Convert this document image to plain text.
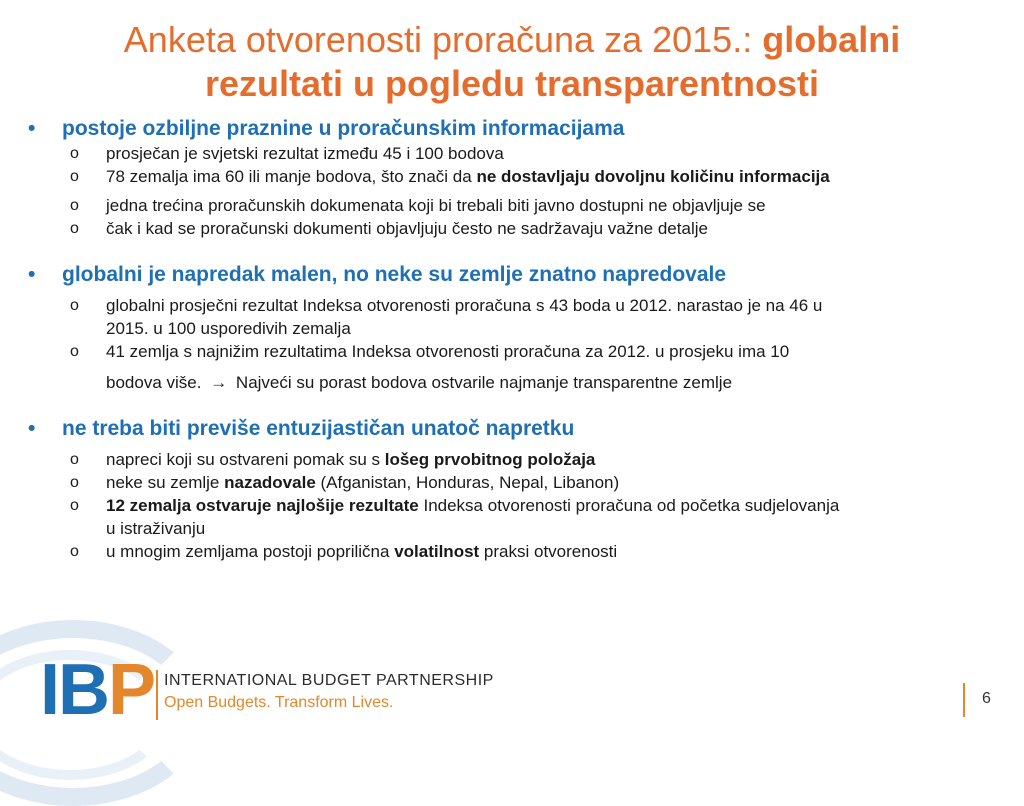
Anketa otvorenosti proračuna za 2015.: globalni
rezultati u pogledu transparentnosti
• postoje ozbiljne praznine u proračunskim informacijama
o prosječan je svjetski rezultat između 45 i 100 bodova
o 78 zemalja ima 60 ili manje bodova, što znači da ne dostavljaju dovoljnu količinu informacija
o jedna trećina proračunskih dokumenata koji bi trebali biti javno dostupni ne objavljuje se
o čak i kad se proračunski dokumenti objavljuju često ne sadržavaju važne detalje
• globalni je napredak malen, no neke su zemlje znatno napredovale
o globalni prosječni rezultat Indeksa otvorenosti proračuna s 43 boda u 2012. narastao je na 46 u
2015. u 100 usporedivih zemalja
o 41 zemlja s najnižim rezultatima Indeksa otvorenosti proračuna za 2012. u prosjeku ima 10

bodova više. → Najveći su porast bodova ostvarile najmanje transparentne zemlje
• ne treba biti previše entuzijastičan unatoč napretku
o napreci koji su ostvareni pomak su s lošeg prvobitnog položaja
o neke su zemlje nazadovale (Afganistan, Honduras, Nepal, Libanon)
o 12 zemalja ostvaruje najlošije rezultate Indeksa otvorenosti proračuna od početka sudjelovanja
u istraživanju
o u mnogim zemljama postoji poprilična volatilnost praksi otvorenosti
IBP INTERNATIONAL BUDGET PARTNERSHIP
Open Budgets. Transform Lives.	6
